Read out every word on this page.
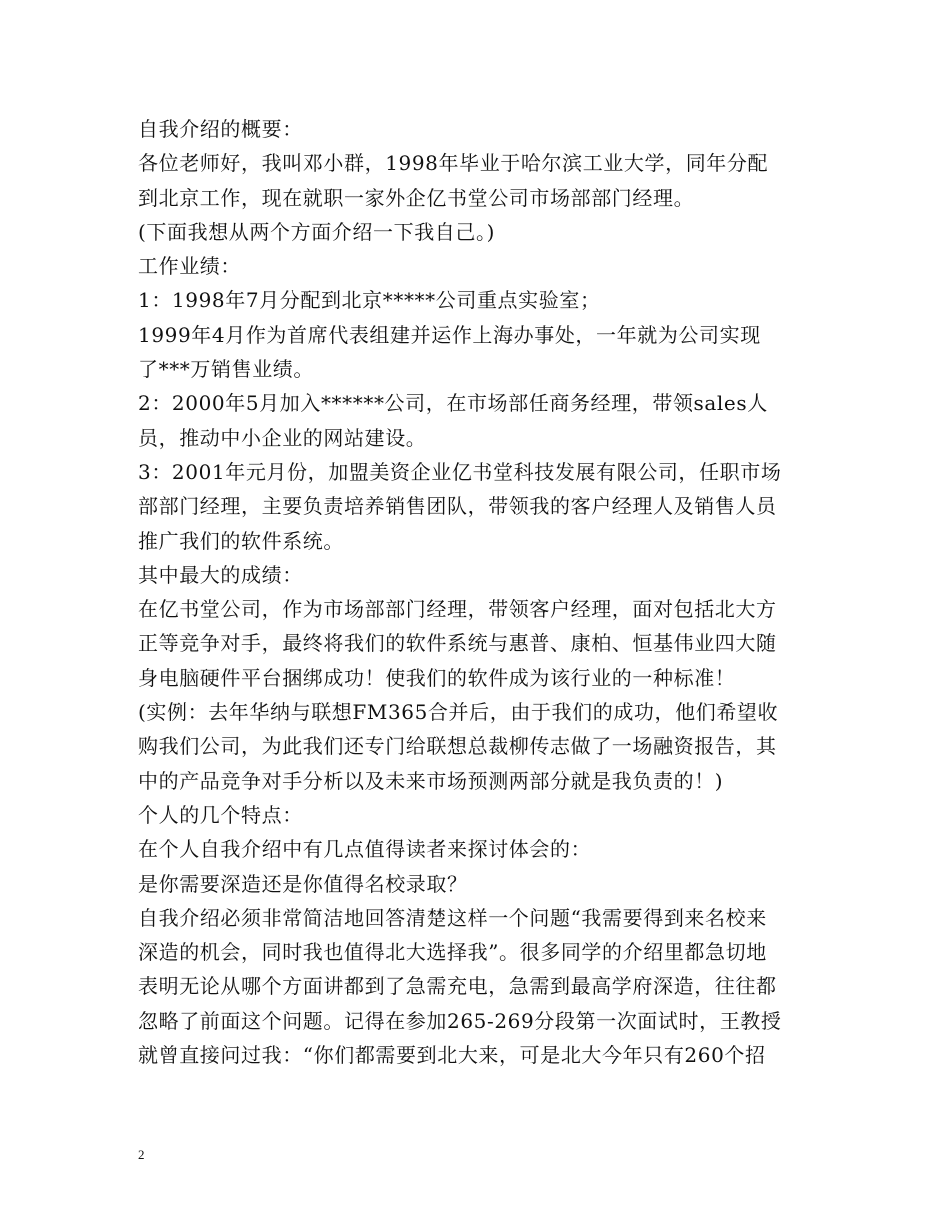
自我介绍的概要：

各位老师好，我叫邓小群，1998年毕业于哈尔滨工业大学，同年分配

到北京工作，现在就职一家外企亿书堂公司市场部部门经理。

(下面我想从两个方面介绍一下我自己。)

工作业绩：

1：1998年7月分配到北京*****公司重点实验室；

1999年4月作为首席代表组建并运作上海办事处，一年就为公司实现

了***万销售业绩。

2：2000年5月加入******公司，在市场部任商务经理，带领sales人

员，推动中小企业的网站建设。

3：2001年元月份，加盟美资企业亿书堂科技发展有限公司，任职市场

部部门经理，主要负责培养销售团队，带领我的客户经理人及销售人员

推广我们的软件系统。

其中最大的成绩：

在亿书堂公司，作为市场部部门经理，带领客户经理，面对包括北大方

正等竞争对手，最终将我们的软件系统与惠普、康柏、恒基伟业四大随

身电脑硬件平台捆绑成功！使我们的软件成为该行业的一种标准！

(实例：去年华纳与联想FM365合并后，由于我们的成功，他们希望收

购我们公司，为此我们还专门给联想总裁柳传志做了一场融资报告，其

中的产品竞争对手分析以及未来市场预测两部分就是我负责的！)

个人的几个特点：

在个人自我介绍中有几点值得读者来探讨体会的：

是你需要深造还是你值得名校录取？

自我介绍必须非常简洁地回答清楚这样一个问题“我需要得到来名校来

深造的机会，同时我也值得北大选择我”。很多同学的介绍里都急切地

表明无论从哪个方面讲都到了急需充电，急需到最高学府深造，往往都

忽略了前面这个问题。记得在参加265-269分段第一次面试时，王教授

就曾直接问过我：“你们都需要到北大来，可是北大今年只有260个招

2
